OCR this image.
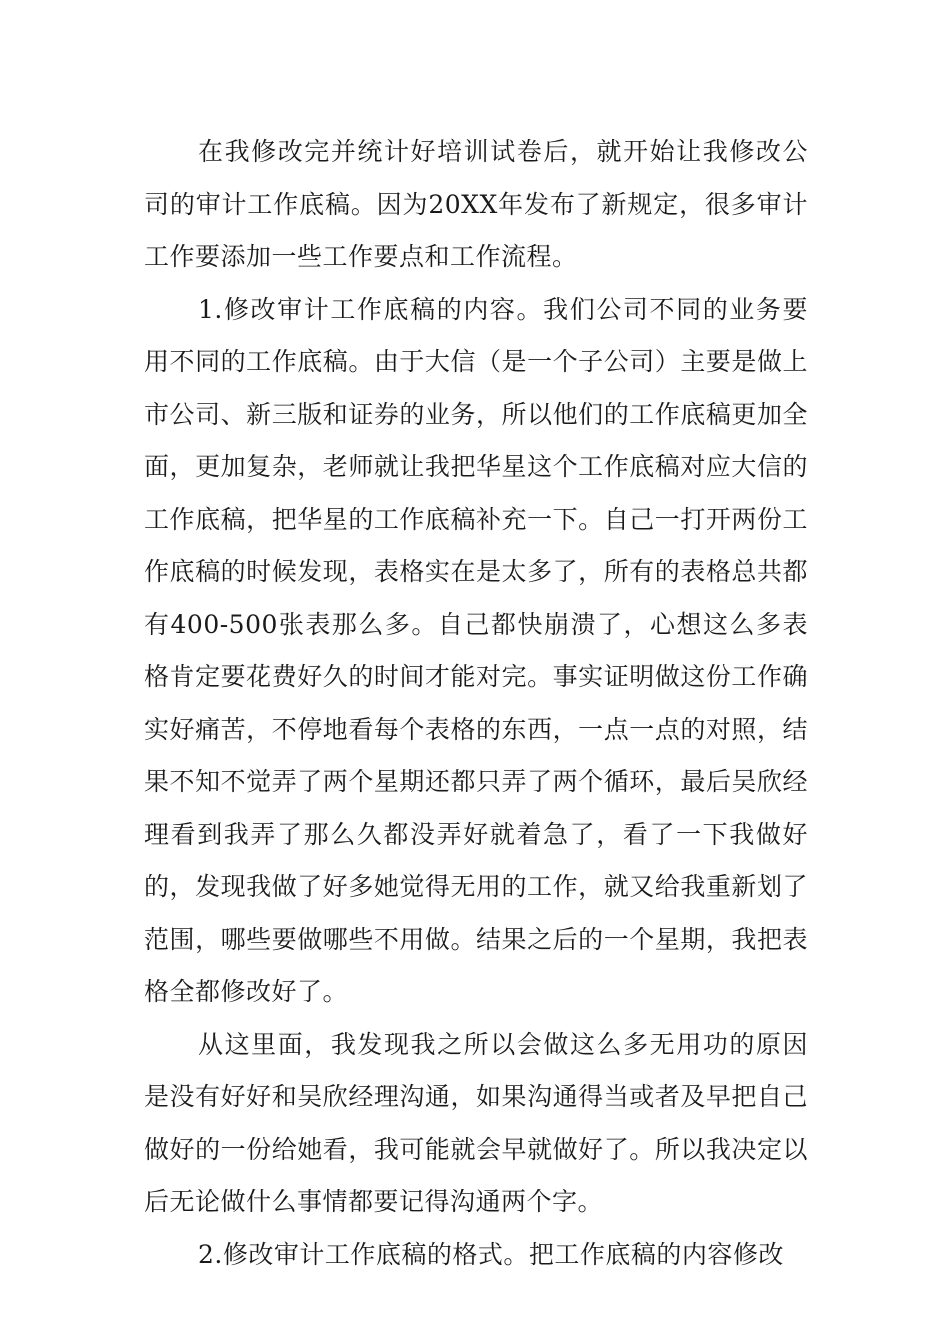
在我修改完并统计好培训试卷后，就开始让我修改公司的审计工作底稿。因为20XX年发布了新规定，很多审计工作要添加一些工作要点和工作流程。

1.修改审计工作底稿的内容。我们公司不同的业务要用不同的工作底稿。由于大信（是一个子公司）主要是做上市公司、新三版和证券的业务，所以他们的工作底稿更加全面，更加复杂，老师就让我把华星这个工作底稿对应大信的工作底稿，把华星的工作底稿补充一下。自己一打开两份工作底稿的时候发现，表格实在是太多了，所有的表格总共都有400-500张表那么多。自己都快崩溃了，心想这么多表格肯定要花费好久的时间才能对完。事实证明做这份工作确实好痛苦，不停地看每个表格的东西，一点一点的对照，结果不知不觉弄了两个星期还都只弄了两个循环，最后吴欣经理看到我弄了那么久都没弄好就着急了，看了一下我做好的，发现我做了好多她觉得无用的工作，就又给我重新划了范围，哪些要做哪些不用做。结果之后的一个星期，我把表格全都修改好了。

从这里面，我发现我之所以会做这么多无用功的原因是没有好好和吴欣经理沟通，如果沟通得当或者及早把自己做好的一份给她看，我可能就会早就做好了。所以我决定以后无论做什么事情都要记得沟通两个字。

2.修改审计工作底稿的格式。把工作底稿的内容修改
